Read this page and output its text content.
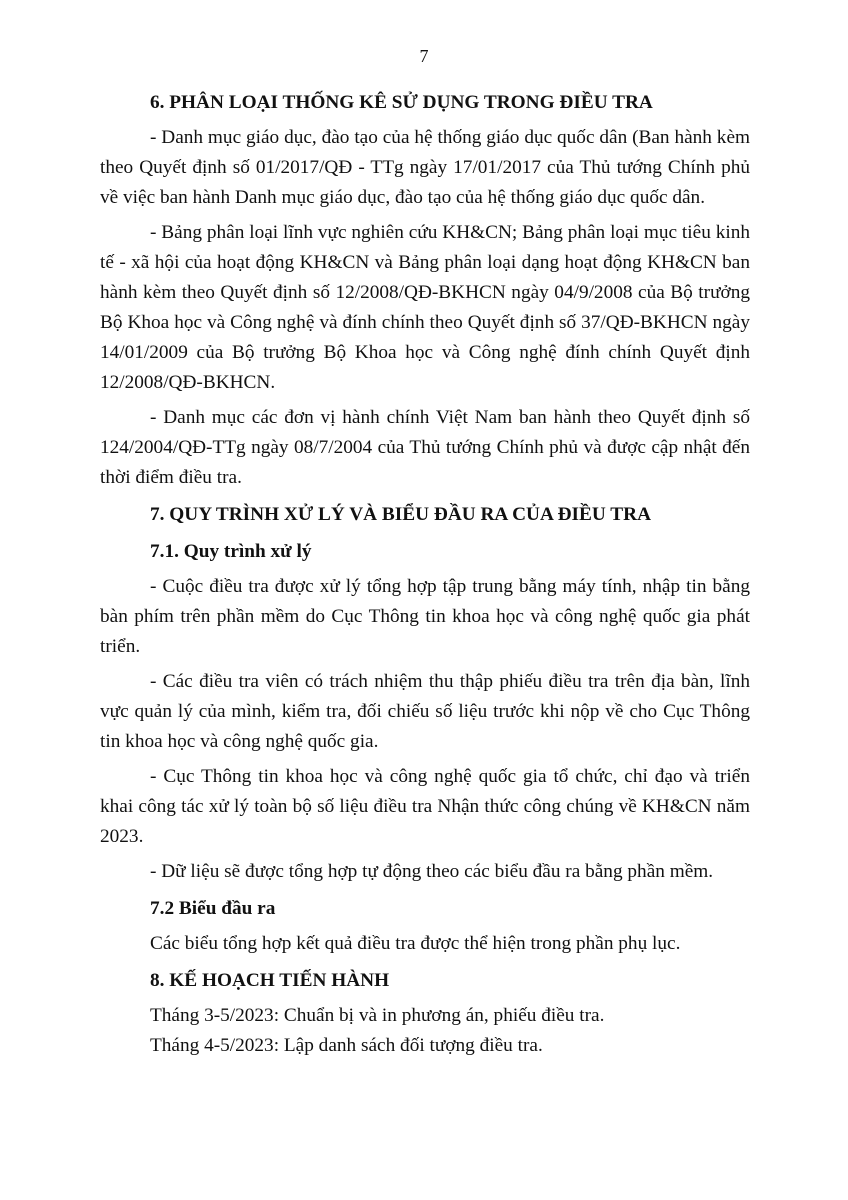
7

6. PHÂN LOẠI THỐNG KÊ SỬ DỤNG TRONG ĐIỀU TRA

- Danh mục giáo dục, đào tạo của hệ thống giáo dục quốc dân (Ban hành kèm theo Quyết định số 01/2017/QĐ - TTg ngày 17/01/2017 của Thủ tướng Chính phủ về việc ban hành Danh mục giáo dục, đào tạo của hệ thống giáo dục quốc dân.

- Bảng phân loại lĩnh vực nghiên cứu KH&CN; Bảng phân loại mục tiêu kinh tế - xã hội của hoạt động KH&CN và Bảng phân loại dạng hoạt động KH&CN ban hành kèm theo Quyết định số 12/2008/QĐ-BKHCN ngày 04/9/2008 của Bộ trưởng Bộ Khoa học và Công nghệ và đính chính theo Quyết định số 37/QĐ-BKHCN ngày 14/01/2009 của Bộ trưởng Bộ Khoa học và Công nghệ đính chính Quyết định 12/2008/QĐ-BKHCN.

- Danh mục các đơn vị hành chính Việt Nam ban hành theo Quyết định số 124/2004/QĐ-TTg ngày 08/7/2004 của Thủ tướng Chính phủ và được cập nhật đến thời điểm điều tra.

7. QUY TRÌNH XỬ LÝ VÀ BIỂU ĐẦU RA CỦA ĐIỀU TRA

7.1. Quy trình xử lý

- Cuộc điều tra được xử lý tổng hợp tập trung bằng máy tính, nhập tin bằng bàn phím trên phần mềm do Cục Thông tin khoa học và công nghệ quốc gia phát triển.

- Các điều tra viên có trách nhiệm thu thập phiếu điều tra trên địa bàn, lĩnh vực quản lý của mình, kiểm tra, đối chiếu số liệu trước khi nộp về cho Cục Thông tin khoa học và công nghệ quốc gia.

- Cục Thông tin khoa học và công nghệ quốc gia tổ chức, chỉ đạo và triển khai công tác xử lý toàn bộ số liệu điều tra Nhận thức công chúng về KH&CN năm 2023.

- Dữ liệu sẽ được tổng hợp tự động theo các biểu đầu ra bằng phần mềm.

7.2 Biểu đầu ra

Các biểu tổng hợp kết quả điều tra được thể hiện trong phần phụ lục.

8. KẾ HOẠCH TIẾN HÀNH

Tháng 3-5/2023: Chuẩn bị và in phương án, phiếu điều tra.

Tháng 4-5/2023: Lập danh sách đối tượng điều tra.
